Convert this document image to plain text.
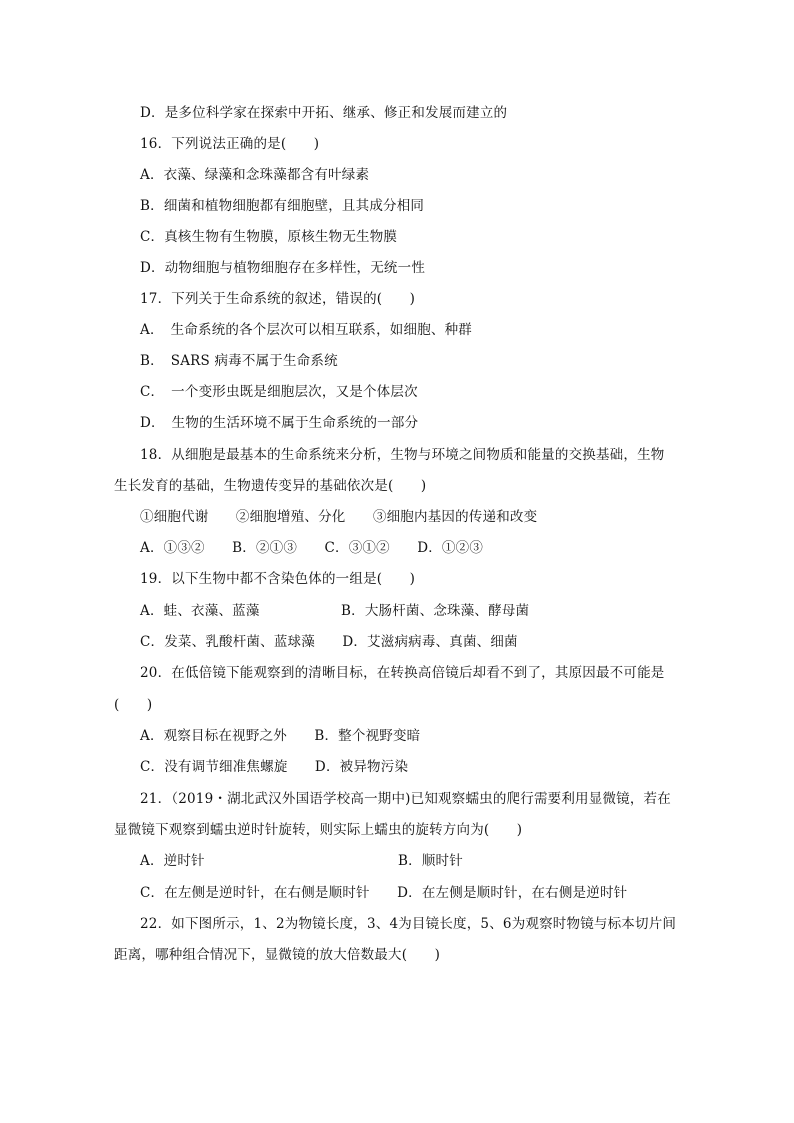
D．是多位科学家在探索中开拓、继承、修正和发展而建立的
16．下列说法正确的是(　　)
A．衣藻、绿藻和念珠藻都含有叶绿素
B．细菌和植物细胞都有细胞壁，且其成分相同
C．真核生物有生物膜，原核生物无生物膜
D．动物细胞与植物细胞存在多样性，无统一性
17．下列关于生命系统的叙述，错误的(　　)
A．　生命系统的各个层次可以相互联系，如细胞、种群
B．　SARS 病毒不属于生命系统
C．　一个变形虫既是细胞层次，又是个体层次
D．　生物的生活环境不属于生命系统的一部分
18．从细胞是最基本的生命系统来分析，生物与环境之间物质和能量的交换基础，生物
生长发育的基础，生物遗传变异的基础依次是(　　)
①细胞代谢　　②细胞增殖、分化　　③细胞内基因的传递和改变
A．①③②　　B．②①③　　C．③①②　　D．①②③
19．以下生物中都不含染色体的一组是(　　)
A．蛙、衣藻、蓝藻	B．大肠杆菌、念珠藻、酵母菌
C．发菜、乳酸杆菌、蓝球藻　　D．艾滋病病毒、真菌、细菌
20．在低倍镜下能观察到的清晰目标，在转换高倍镜后却看不到了，其原因最不可能是
(　　)
A．观察目标在视野之外　　B．整个视野变暗
C．没有调节细准焦螺旋　　D．被异物污染
21．（2019・湖北武汉外国语学校高一期中)已知观察蠕虫的爬行需要利用显微镜，若在
显微镜下观察到蠕虫逆时针旋转，则实际上蠕虫的旋转方向为(　　)
A．逆时针	B．顺时针
C．在左侧是逆时针，在右侧是顺时针　　D．在左侧是顺时针，在右侧是逆时针
22．如下图所示，1、2为物镜长度，3、4为目镜长度，5、6为观察时物镜与标本切片间
距离，哪种组合情况下，显微镜的放大倍数最大(　　)
